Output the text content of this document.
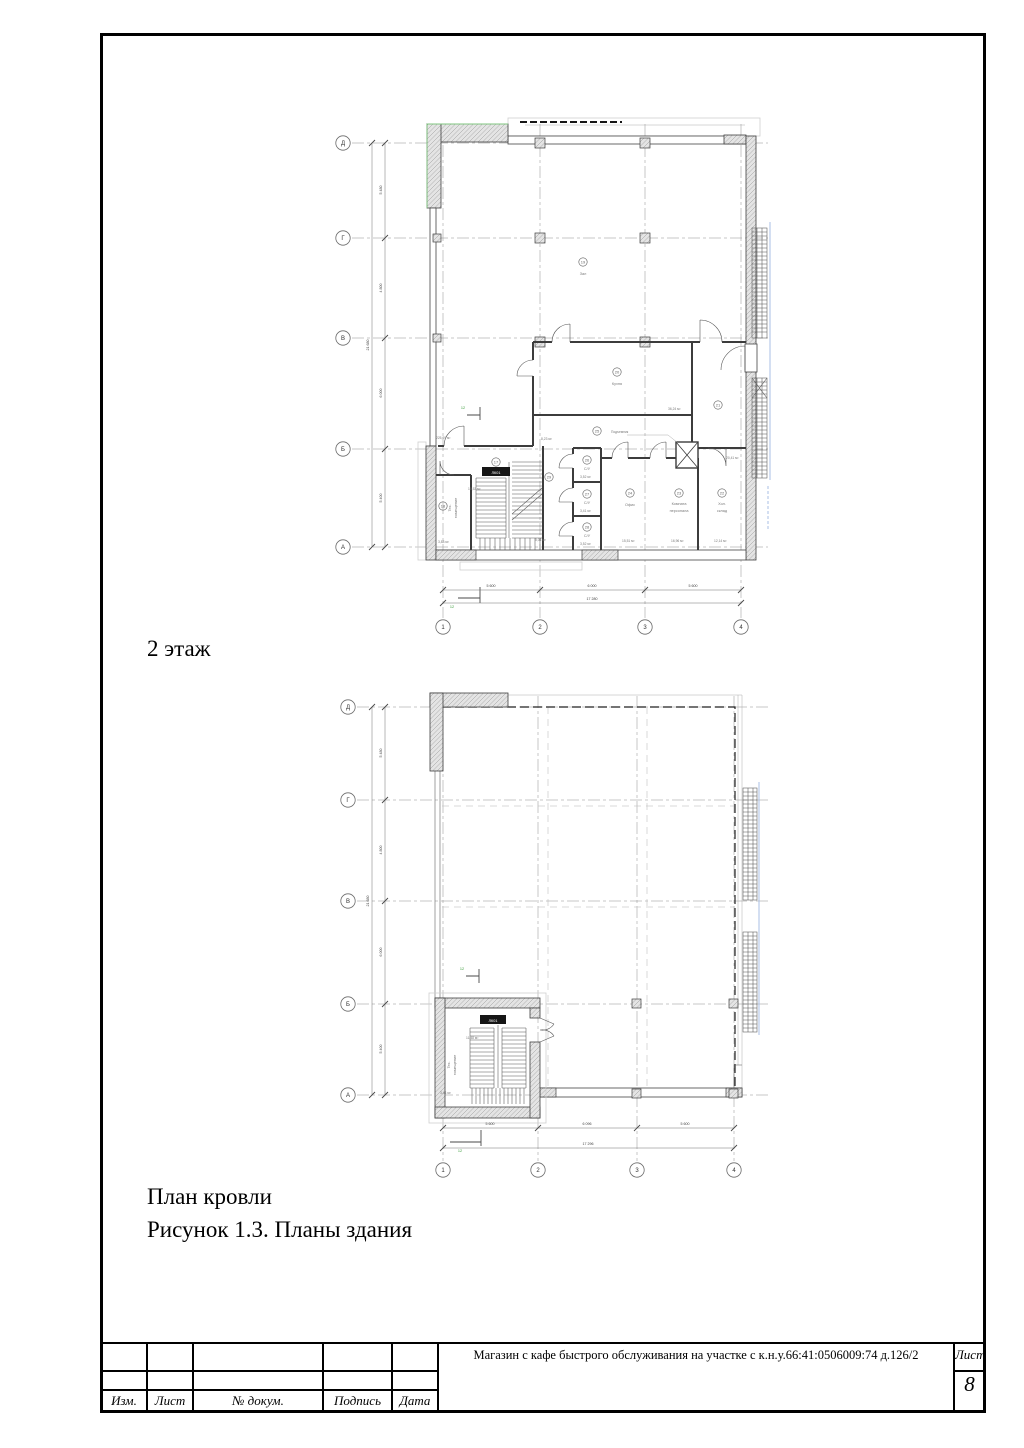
19
Зал
225,69 м²
20
Кухня
36,24 м²
21
20,41 м²
25	Подъемник
17
ЛК01
10,53 м²
18 Тех. помещение
3,88 м²
29
8,04 м²
8,23 м²
26
С/У
3,52 м²
27
С/У
3,41 м²
28
С/У
3,52 м²
24
Офис
15,51 м²
23
Комната
персонала
16,96 м²
22
Хол.
склад
12,14 м²
12
12
5 480
4 800
6 000
5 400
21 680
5 600	6 000	5 600
17 280
Д
Г
В
Б
А
1	2	3	4
2 этаж
ЛК01
11,48 м²
Тех. помещение
3,44 м²
12
12
5 480
4 800
6 000
5 400
21 680
5 600	6 096	5 600
17 296
Д
Г
В
Б
А
1	2	3	4
План кровли
Рисунок 1.3. Планы здания
Изм.	Лист	№ докум.	Подпись	Дата
Магазин с кафе быстрого обслуживания на участке с к.н.у.66:41:0506009:74 д.126/2	Лист
8
